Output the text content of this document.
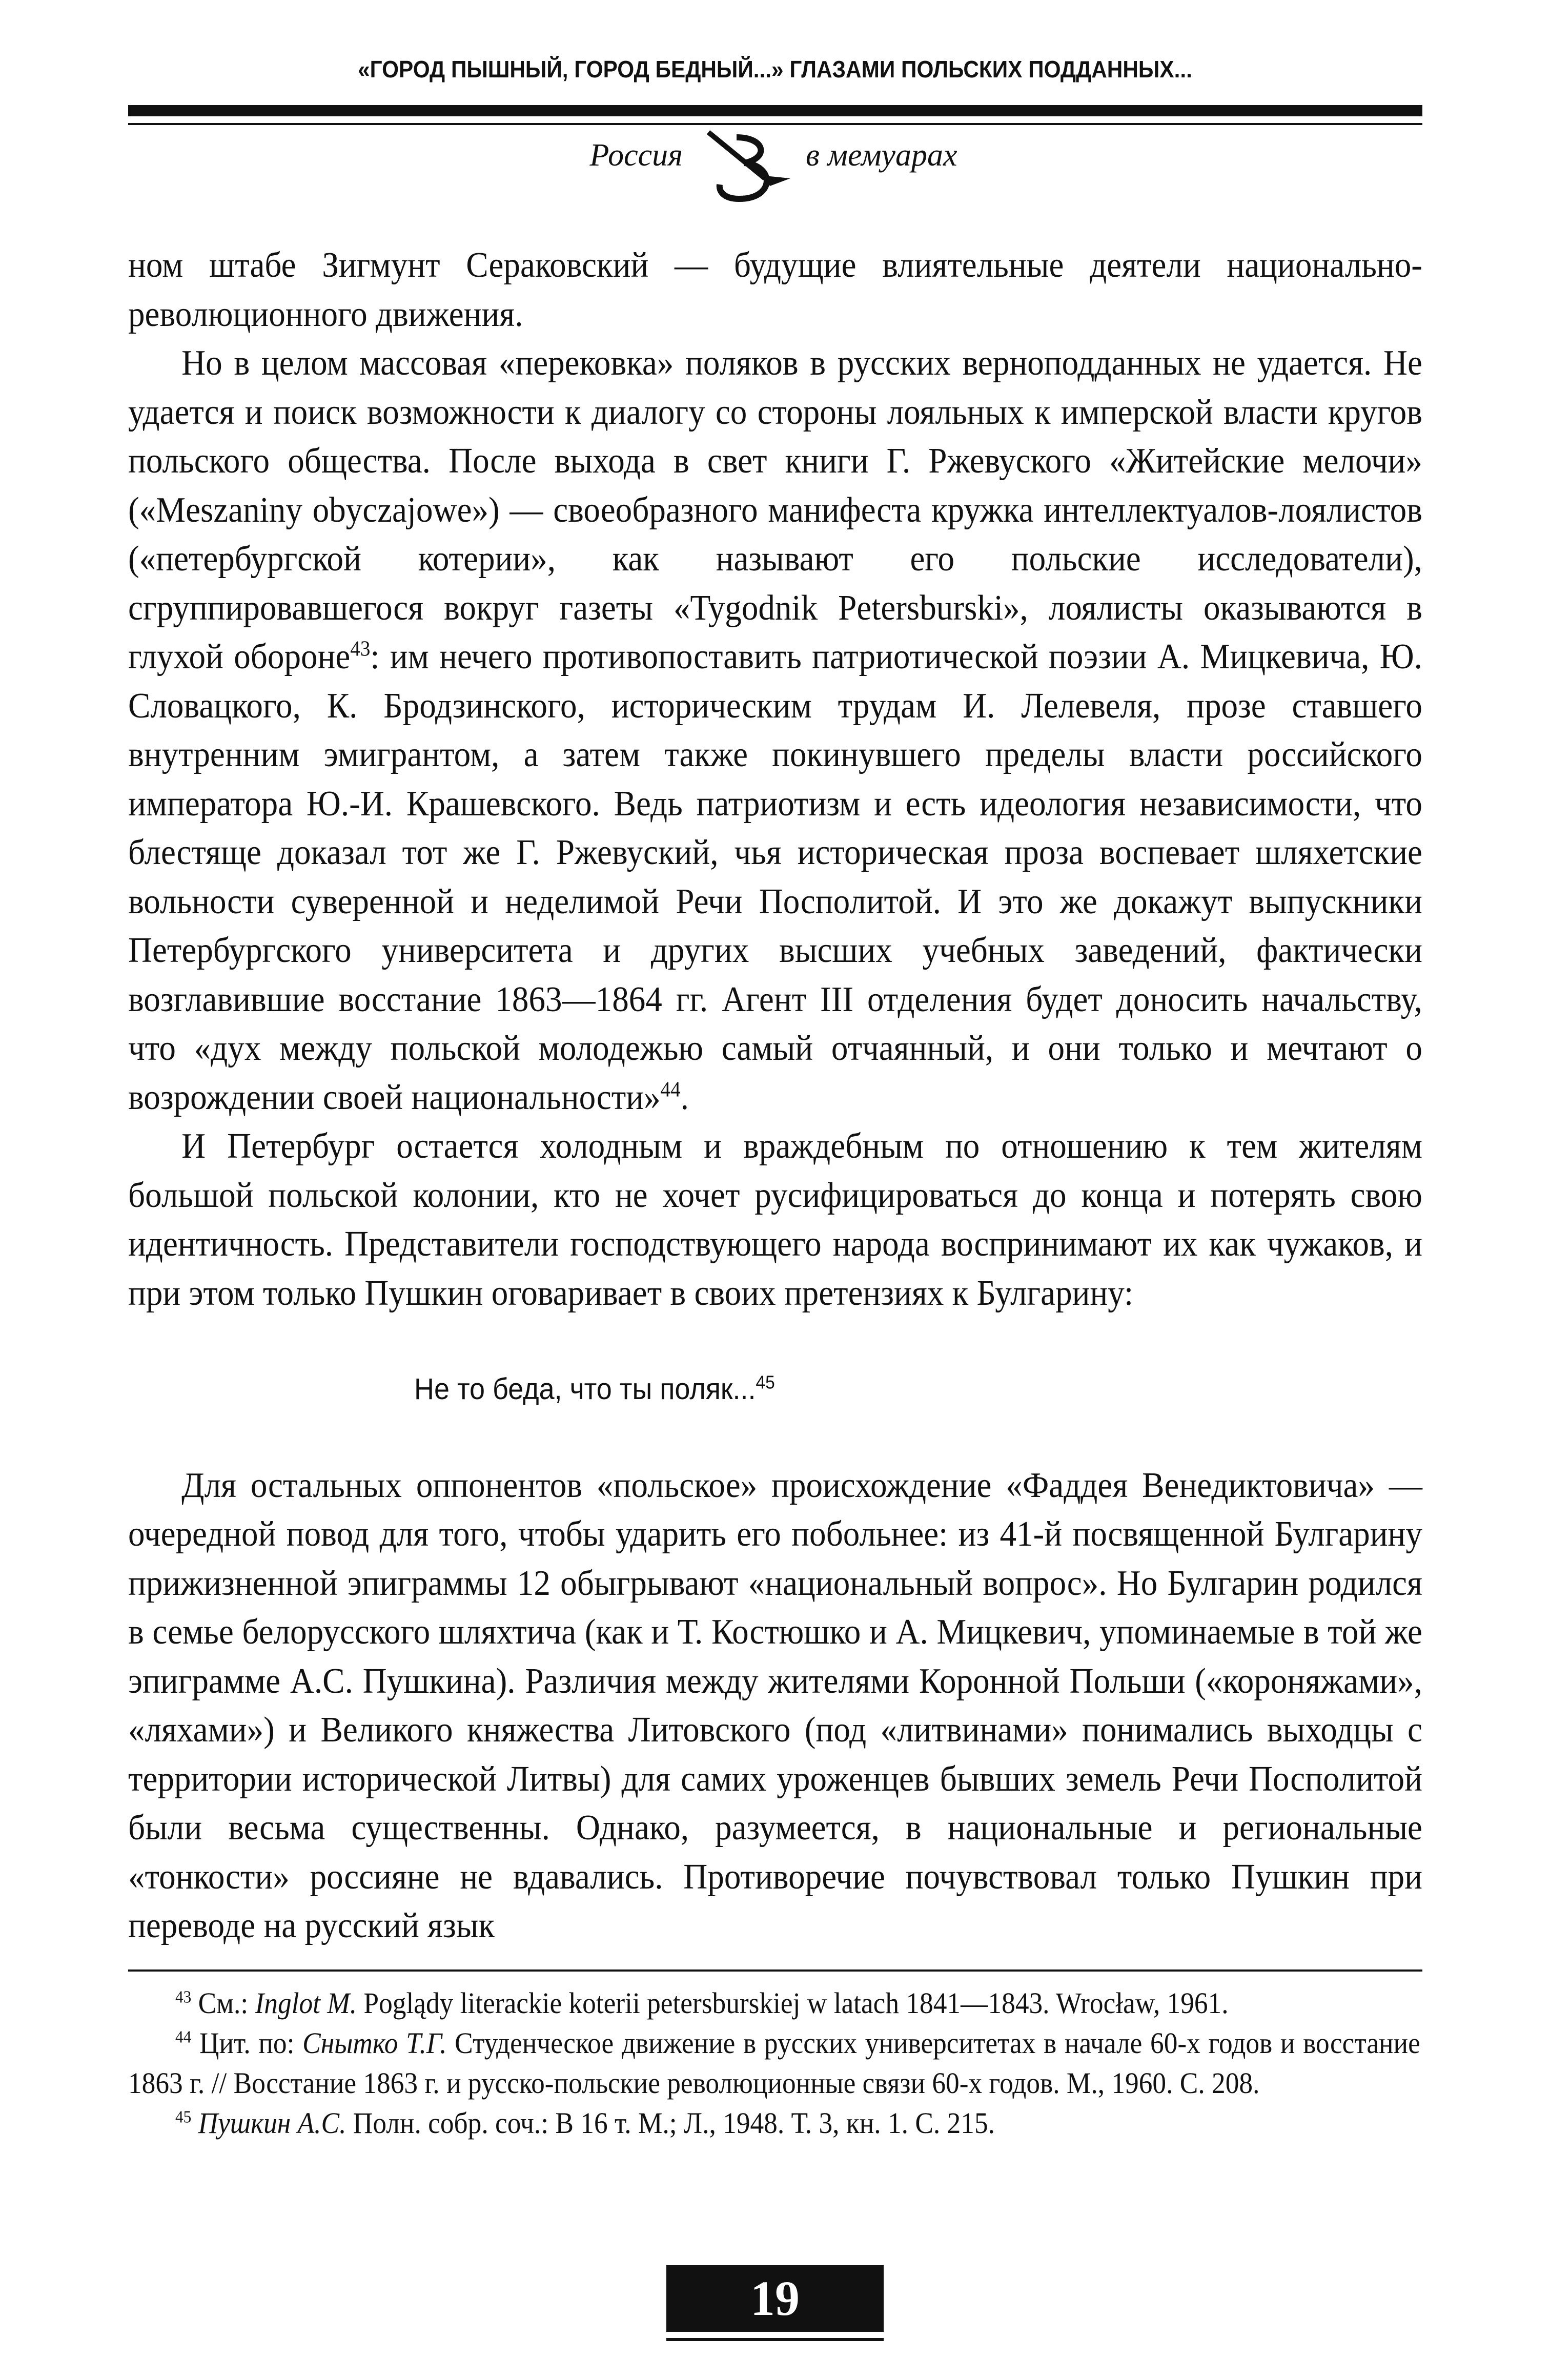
«ГОРОД ПЫШНЫЙ, ГОРОД БЕДНЫЙ...» ГЛАЗАМИ ПОЛЬСКИХ ПОДДАННЫХ...
Россия	в мемуарах

ном штабе Зигмунт Сераковский — будущие влиятельные деятели национально-революционного движения.

Но в целом массовая «перековка» поляков в русских верноподданных не удается. Не удается и поиск возможности к диалогу со стороны лояльных к имперской власти кругов польского общества. После выхода в свет книги Г. Ржевуского «Житейские мелочи» («Meszaniny obyczajowe») — своеобразного манифеста кружка интеллектуалов-лоялистов («петербургской котерии», как называют его польские исследователи), сгруппировавшегося вокруг газеты «Tygodnik Petersburski», лоялисты оказываются в глухой обороне$^{43}$: им нечего противопоставить патриотической поэзии А. Мицкевича, Ю. Словацкого, К. Бродзинского, историческим трудам И. Лелевеля, прозе ставшего внутренним эмигрантом, а затем также покинувшего пределы власти российского императора Ю.-И. Крашевского. Ведь патриотизм и есть идеология независимости, что блестяще доказал тот же Г. Ржевуский, чья историческая проза воспевает шляхетские вольности суверенной и неделимой Речи Посполитой. И это же докажут выпускники Петербургского университета и других высших учебных заведений, фактически возглавившие восстание 1863—1864 гг. Агент III отделения будет доносить начальству, что «дух между польской молодежью самый отчаянный, и они только и мечтают о возрождении своей национальности»$^{44}$.

И Петербург остается холодным и враждебным по отношению к тем жителям большой польской колонии, кто не хочет русифицироваться до конца и потерять свою идентичность. Представители господствующего народа воспринимают их как чужаков, и при этом только Пушкин оговаривает в своих претензиях к Булгарину:

Не то беда, что ты поляк...$^{45}$

Для остальных оппонентов «польское» происхождение «Фаддея Венедиктовича» — очередной повод для того, чтобы ударить его побольнее: из 41-й посвященной Булгарину прижизненной эпиграммы 12 обыгрывают «национальный вопрос». Но Булгарин родился в семье белорусского шляхтича (как и Т. Костюшко и А. Мицкевич, упоминаемые в той же эпиграмме А.С. Пушкина). Различия между жителями Коронной Польши («короняжами», «ляхами») и Великого княжества Литовского (под «литвинами» понимались выходцы с территории исторической Литвы) для самих уроженцев бывших земель Речи Посполитой были весьма существенны. Однако, разумеется, в национальные и региональные «тонкости» россияне не вдавались. Противоречие почувствовал только Пушкин при переводе на русский язык

$^{43}$ См.: Inglot M. Poglądy literackie koterii petersburskiej w latach 1841—1843. Wrocław, 1961.

$^{44}$ Цит. по: Снытко Т.Г. Студенческое движение в русских университетах в начале 60-х годов и восстание 1863 г. // Восстание 1863 г. и русско-польские революционные связи 60-х годов. М., 1960. С. 208.

$^{45}$ Пушкин А.С. Полн. собр. соч.: В 16 т. М.; Л., 1948. Т. 3, кн. 1. С. 215.

19
